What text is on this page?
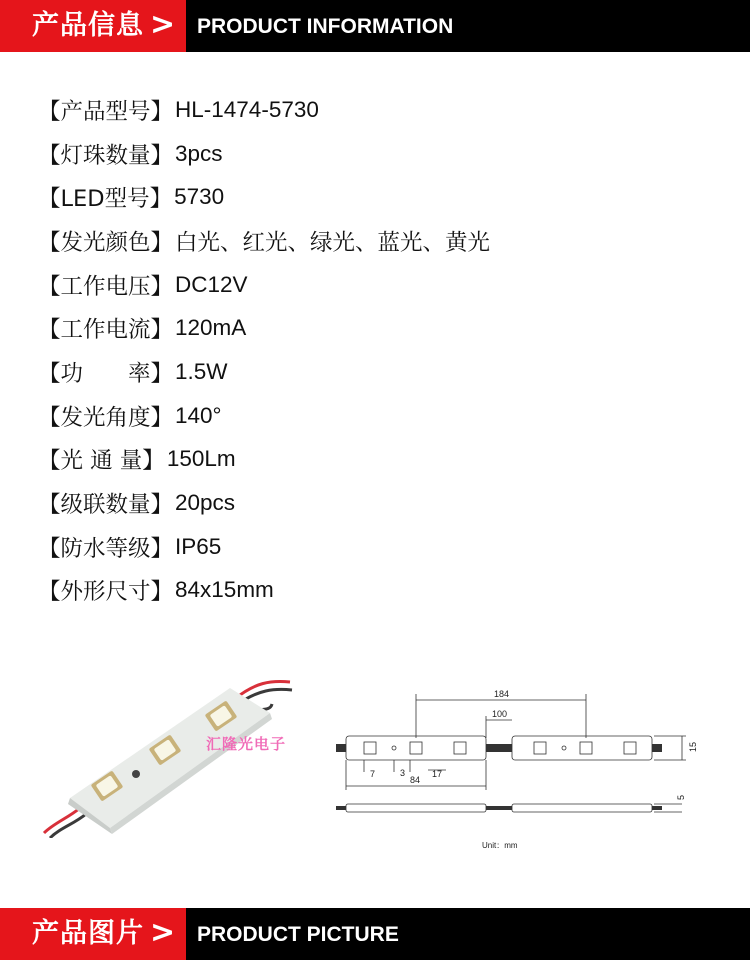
产品信息 > PRODUCT INFORMATION
【产品型号】 HL-1474-5730
【灯珠数量】 3pcs
【LED型号】 5730
【发光颜色】 白光、红光、绿光、蓝光、黄光
【工作电压】 DC12V
【工作电流】 120mA
【功　　率】 1.5W
【发光角度】 140°
【光 通 量】 150Lm
【级联数量】 20pcs
【防水等级】 IP65
【外形尺寸】 84x15mm
汇隆光电子
184
100
15
7	3	17
84
5
Unit：mm
产品图片 > PRODUCT PICTURE
